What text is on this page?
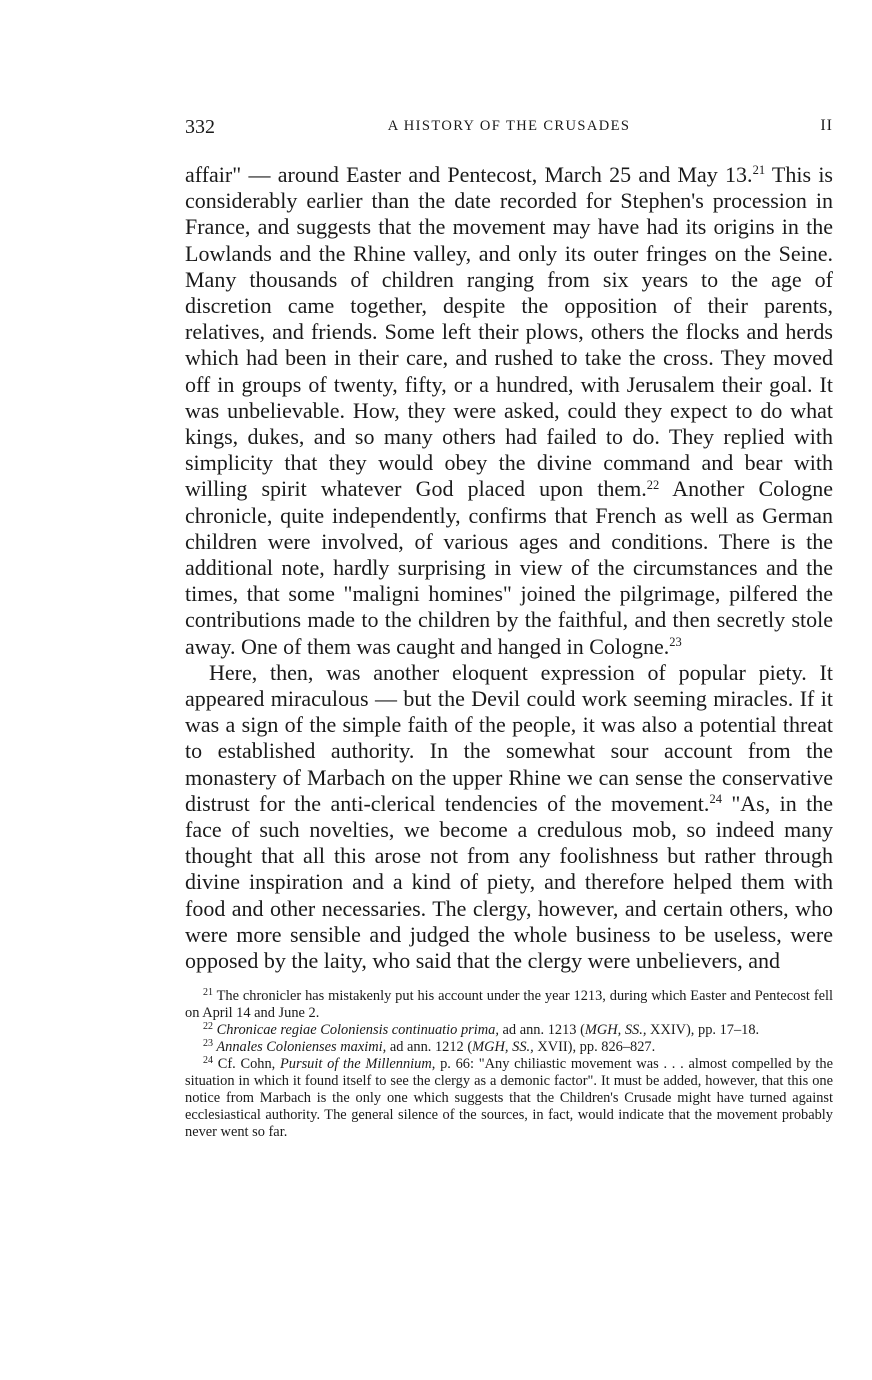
332	A HISTORY OF THE CRUSADES	II

affair" — around Easter and Pentecost, March 25 and May 13.21 This is considerably earlier than the date recorded for Stephen's procession in France, and suggests that the movement may have had its origins in the Lowlands and the Rhine valley, and only its outer fringes on the Seine. Many thousands of children ranging from six years to the age of discretion came together, despite the opposition of their parents, relatives, and friends. Some left their plows, others the flocks and herds which had been in their care, and rushed to take the cross. They moved off in groups of twenty, fifty, or a hundred, with Jerusalem their goal. It was unbelievable. How, they were asked, could they expect to do what kings, dukes, and so many others had failed to do. They replied with simplicity that they would obey the divine command and bear with willing spirit whatever God placed upon them.$^{22}$ Another Cologne chronicle, quite independently, confirms that French as well as German children were involved, of various ages and conditions. There is the additional note, hardly surprising in view of the circumstances and the times, that some "maligni homines" joined the pilgrimage, pilfered the contributions made to the children by the faithful, and then secretly stole away. One of them was caught and hanged in Cologne.$^{23}$

Here, then, was another eloquent expression of popular piety. It appeared miraculous — but the Devil could work seeming miracles. If it was a sign of the simple faith of the people, it was also a potential threat to established authority. In the somewhat sour account from the monastery of Marbach on the upper Rhine we can sense the conservative distrust for the anti-clerical tendencies of the movement.$^{24}$ "As, in the face of such novelties, we become a credulous mob, so indeed many thought that all this arose not from any foolishness but rather through divine inspiration and a kind of piety, and therefore helped them with food and other necessaries. The clergy, however, and certain others, who were more sensible and judged the whole business to be useless, were opposed by the laity, who said that the clergy were unbelievers, and

$^{21}$ The chronicler has mistakenly put his account under the year 1213, during which Easter and Pentecost fell on April 14 and June 2.

$^{22}$ Chronicae regiae Coloniensis continuatio prima, ad ann. 1213 (MGH, SS., XXIV), pp. 17–18.

$^{23}$ Annales Colonienses maximi, ad ann. 1212 (MGH, SS., XVII), pp. 826–827.

$^{24}$ Cf. Cohn, Pursuit of the Millennium, p. 66: "Any chiliastic movement was . . . almost compelled by the situation in which it found itself to see the clergy as a demonic factor". It must be added, however, that this one notice from Marbach is the only one which suggests that the Children's Crusade might have turned against ecclesiastical authority. The general silence of the sources, in fact, would indicate that the movement probably never went so far.
